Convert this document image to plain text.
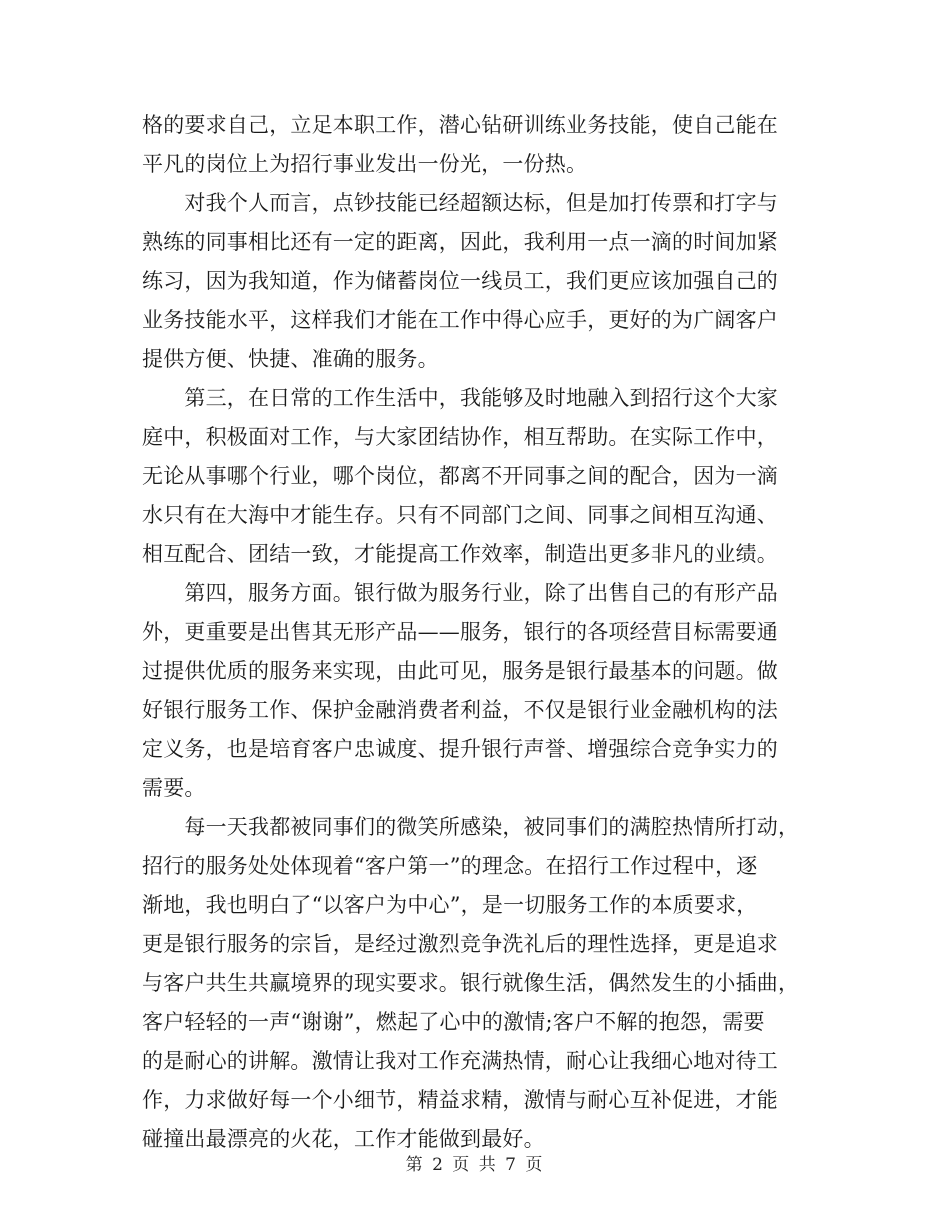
格的要求自己，立足本职工作，潜心钻研训练业务技能，使自己能在
平凡的岗位上为招行事业发出一份光，一份热。
　　对我个人而言，点钞技能已经超额达标，但是加打传票和打字与
熟练的同事相比还有一定的距离，因此，我利用一点一滴的时间加紧
练习，因为我知道，作为储蓄岗位一线员工，我们更应该加强自己的
业务技能水平，这样我们才能在工作中得心应手，更好的为广阔客户
提供方便、快捷、准确的服务。
　　第三，在日常的工作生活中，我能够及时地融入到招行这个大家
庭中，积极面对工作，与大家团结协作，相互帮助。在实际工作中，
无论从事哪个行业，哪个岗位，都离不开同事之间的配合，因为一滴
水只有在大海中才能生存。只有不同部门之间、同事之间相互沟通、
相互配合、团结一致，才能提高工作效率，制造出更多非凡的业绩。
　　第四，服务方面。银行做为服务行业，除了出售自己的有形产品
外，更重要是出售其无形产品——服务，银行的各项经营目标需要通
过提供优质的服务来实现，由此可见，服务是银行最基本的问题。做
好银行服务工作、保护金融消费者利益，不仅是银行业金融机构的法
定义务，也是培育客户忠诚度、提升银行声誉、增强综合竞争实力的
需要。
　　每一天我都被同事们的微笑所感染，被同事们的满腔热情所打动，
招行的服务处处体现着“客户第一”的理念。在招行工作过程中，逐
渐地，我也明白了“以客户为中心”，是一切服务工作的本质要求，
更是银行服务的宗旨，是经过激烈竞争洗礼后的理性选择，更是追求
与客户共生共赢境界的现实要求。银行就像生活，偶然发生的小插曲，
客户轻轻的一声“谢谢”，燃起了心中的激情;客户不解的抱怨，需要
的是耐心的讲解。激情让我对工作充满热情，耐心让我细心地对待工
作，力求做好每一个小细节，精益求精，激情与耐心互补促进，才能
碰撞出最漂亮的火花，工作才能做到最好。
第 2 页 共 7 页
